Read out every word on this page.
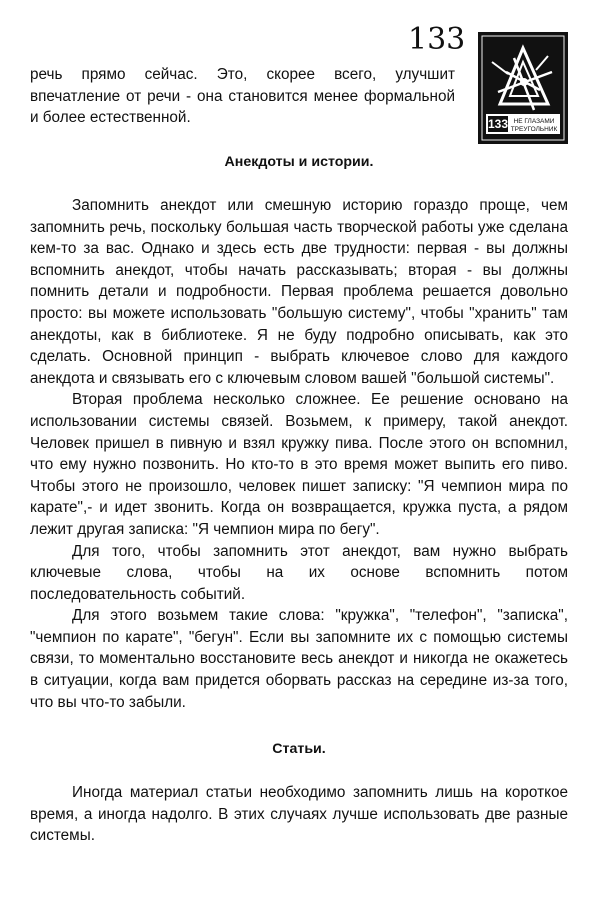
133
133 НЕ ГЛАЗАМИ
ТРЕУГОЛЬНИК

речь прямо сейчас. Это, скорее всего, улучшит впечатление от речи - она становится менее формальной и более естественной.

Анекдоты и истории.

Запомнить анекдот или смешную историю гораздо проще, чем запомнить речь, поскольку большая часть творческой работы уже сделана кем-то за вас. Однако и здесь есть две трудности: первая - вы должны вспомнить анекдот, чтобы начать рассказывать; вторая - вы должны помнить детали и подробности. Первая проблема решается довольно просто: вы можете использовать "большую систему", чтобы "хранить" там анекдоты, как в библиотеке. Я не буду подробно описывать, как это сделать. Основной принцип - выбрать ключевое слово для каждого анекдота и связывать его с ключевым словом вашей "большой системы".

Вторая проблема несколько сложнее. Ее решение основано на использовании системы связей. Возьмем, к примеру, такой анекдот. Человек пришел в пивную и взял кружку пива. После этого он вспомнил, что ему нужно позвонить. Но кто-то в это время может выпить его пиво. Чтобы этого не произошло, человек пишет записку: "Я чемпион мира по карате",- и идет звонить. Когда он возвращается, кружка пуста, а рядом лежит другая записка: "Я чемпион мира по бегу".

Для того, чтобы запомнить этот анекдот, вам нужно выбрать ключевые слова, чтобы на их основе вспомнить потом последовательность событий.

Для этого возьмем такие слова: "кружка", "телефон", "записка", "чемпион по карате", "бегун". Если вы запомните их с помощью системы связи, то моментально восстановите весь анекдот и никогда не окажетесь в ситуации, когда вам придется оборвать рассказ на середине из-за того, что вы что-то забыли.

Статьи.

Иногда материал статьи необходимо запомнить лишь на короткое время, а иногда надолго. В этих случаях лучше использовать две разные системы.
